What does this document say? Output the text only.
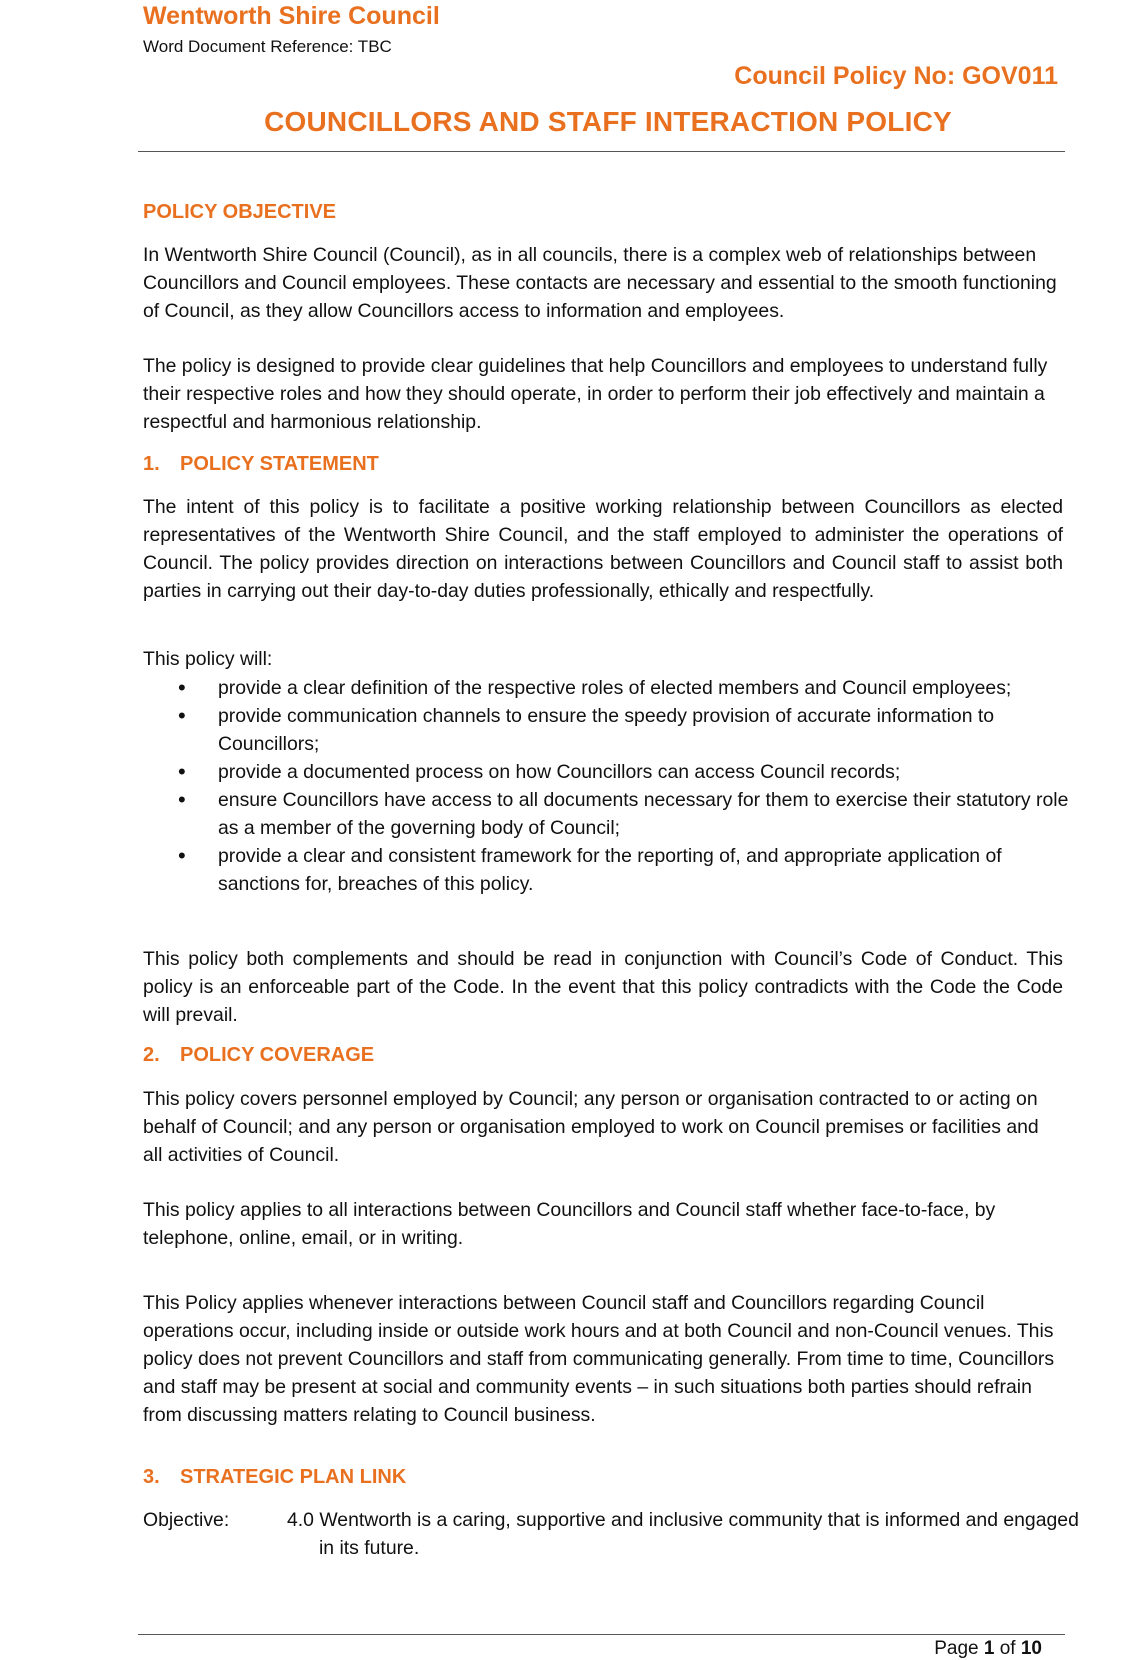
Wentworth Shire Council
Word Document Reference: TBC
Council Policy No: GOV011
COUNCILLORS AND STAFF INTERACTION POLICY
POLICY OBJECTIVE

In Wentworth Shire Council (Council), as in all councils, there is a complex web of relationships between Councillors and Council employees. These contacts are necessary and essential to the smooth functioning of Council, as they allow Councillors access to information and employees.

The policy is designed to provide clear guidelines that help Councillors and employees to understand fully their respective roles and how they should operate, in order to perform their job effectively and maintain a respectful and harmonious relationship.

1. POLICY STATEMENT

The intent of this policy is to facilitate a positive working relationship between Councillors as elected representatives of the Wentworth Shire Council, and the staff employed to administer the operations of Council. The policy provides direction on interactions between Councillors and Council staff to assist both parties in carrying out their day-to-day duties professionally, ethically and respectfully.

This policy will:

• provide a clear definition of the respective roles of elected members and Council employees;
• provide communication channels to ensure the speedy provision of accurate information to Councillors;
• provide a documented process on how Councillors can access Council records;
• ensure Councillors have access to all documents necessary for them to exercise their statutory role as a member of the governing body of Council;
• provide a clear and consistent framework for the reporting of, and appropriate application of sanctions for, breaches of this policy.

This policy both complements and should be read in conjunction with Council’s Code of Conduct. This policy is an enforceable part of the Code. In the event that this policy contradicts with the Code the Code will prevail.

2. POLICY COVERAGE

This policy covers personnel employed by Council; any person or organisation contracted to or acting on behalf of Council; and any person or organisation employed to work on Council premises or facilities and all activities of Council.

This policy applies to all interactions between Councillors and Council staff whether face-to-face, by telephone, online, email, or in writing.

This Policy applies whenever interactions between Council staff and Councillors regarding Council operations occur, including inside or outside work hours and at both Council and non-Council venues. This policy does not prevent Councillors and staff from communicating generally. From time to time, Councillors and staff may be present at social and community events – in such situations both parties should refrain from discussing matters relating to Council business.

3. STRATEGIC PLAN LINK
Objective:	4.0 Wentworth is a caring, supportive and inclusive community that is informed and engaged in its future.
Page 1 of 10
